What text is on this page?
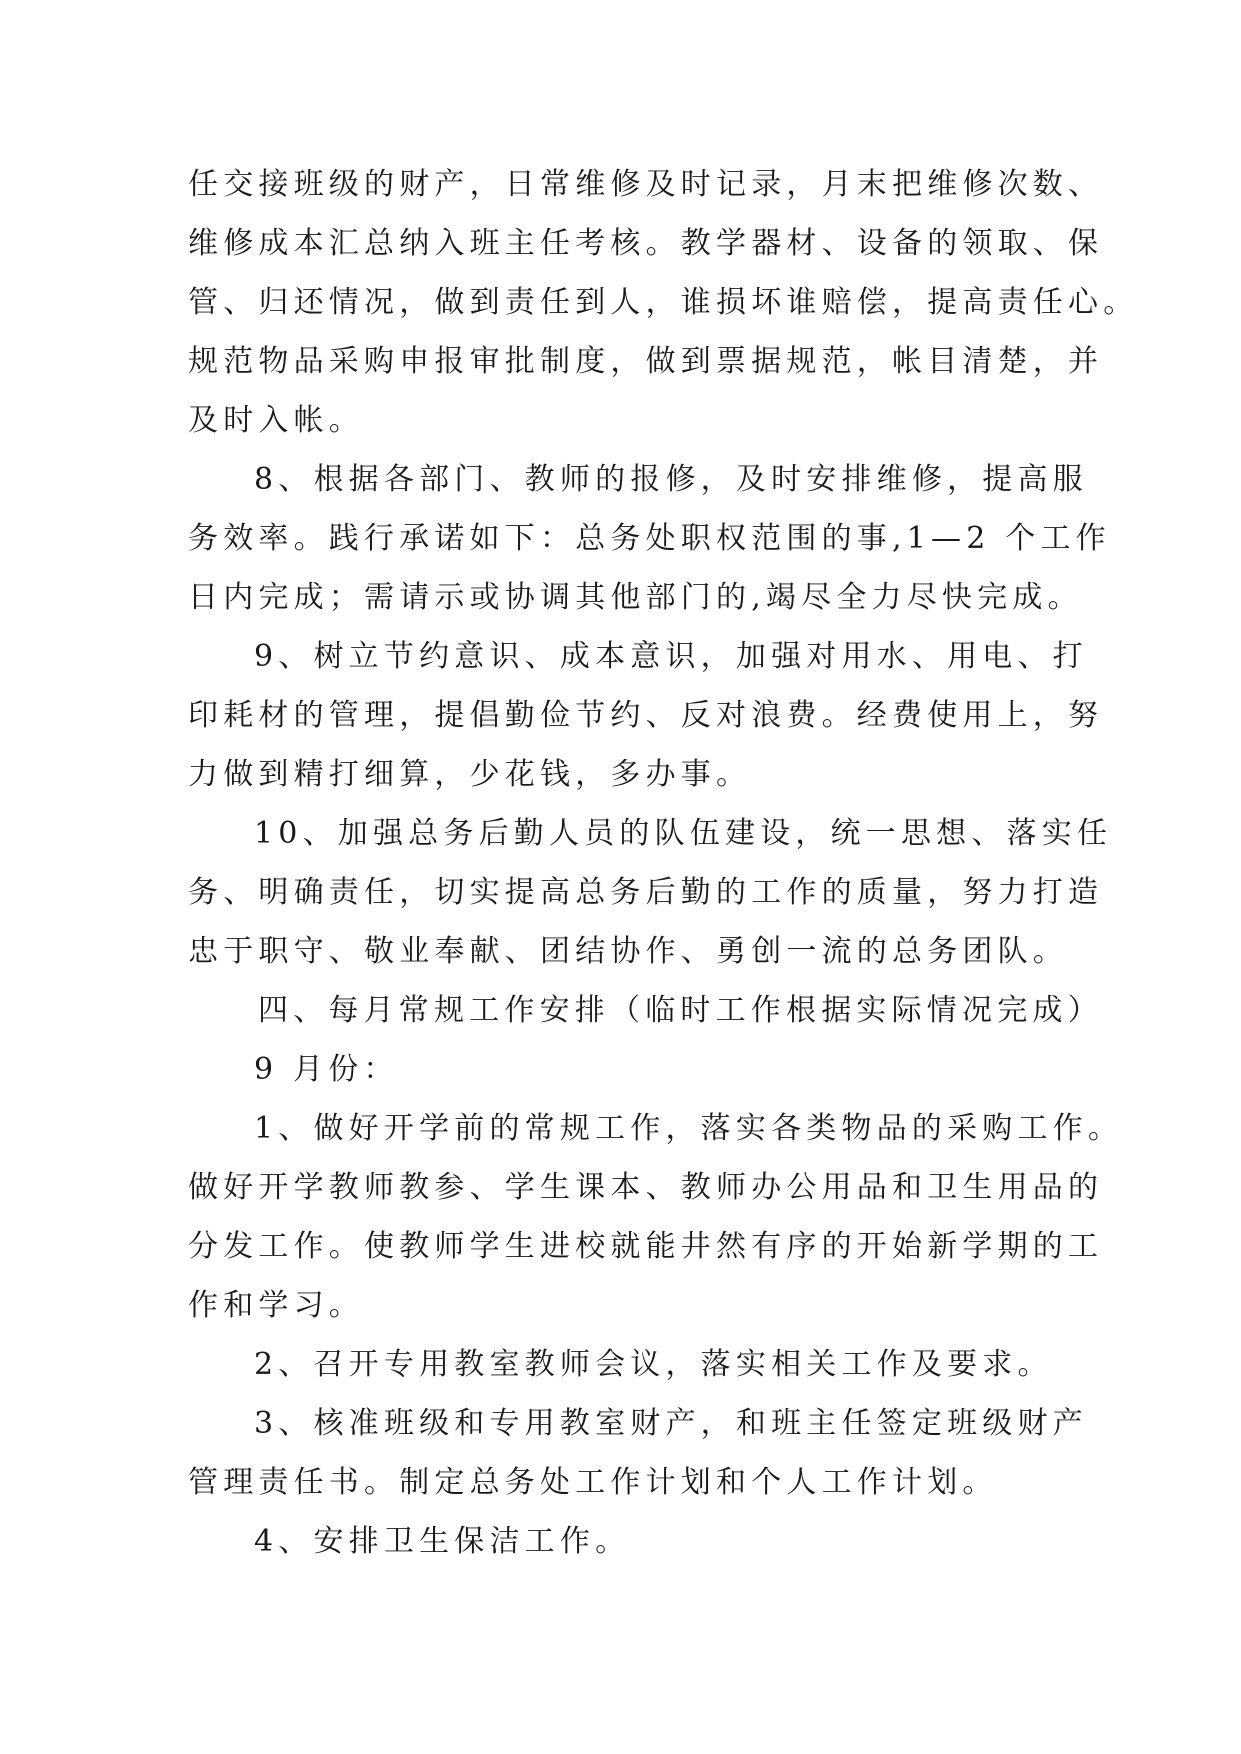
任交接班级的财产，日常维修及时记录，月末把维修次数、
维修成本汇总纳入班主任考核。教学器材、设备的领取、保
管、归还情况，做到责任到人，谁损坏谁赔偿，提高责任心。
规范物品采购申报审批制度，做到票据规范，帐目清楚，并
及时入帐。
8、根据各部门、教师的报修，及时安排维修，提高服
务效率。践行承诺如下：总务处职权范围的事,1—2 个工作
日内完成；需请示或协调其他部门的,竭尽全力尽快完成。
9、树立节约意识、成本意识，加强对用水、用电、打
印耗材的管理，提倡勤俭节约、反对浪费。经费使用上，努
力做到精打细算，少花钱，多办事。
10、加强总务后勤人员的队伍建设，统一思想、落实任
务、明确责任，切实提高总务后勤的工作的质量，努力打造
忠于职守、敬业奉献、团结协作、勇创一流的总务团队。
四、每月常规工作安排（临时工作根据实际情况完成）
9 月份：
1、做好开学前的常规工作，落实各类物品的采购工作。
做好开学教师教参、学生课本、教师办公用品和卫生用品的
分发工作。使教师学生进校就能井然有序的开始新学期的工
作和学习。
2、召开专用教室教师会议，落实相关工作及要求。
3、核准班级和专用教室财产，和班主任签定班级财产
管理责任书。制定总务处工作计划和个人工作计划。
4、安排卫生保洁工作。
